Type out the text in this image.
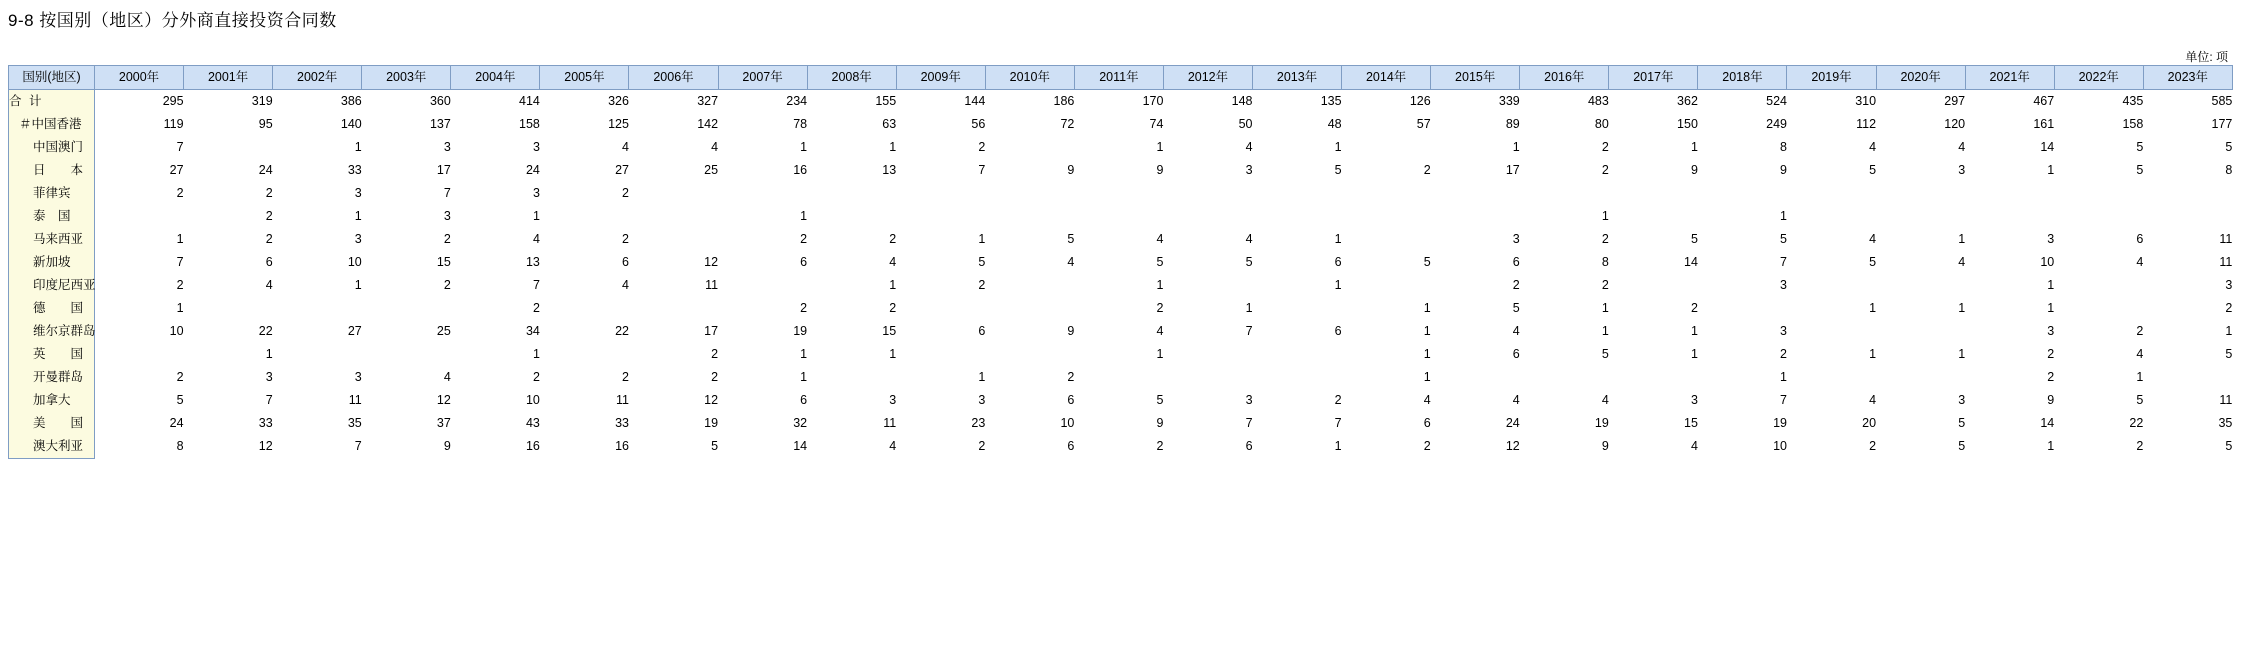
9-8 按国别（地区）分外商直接投资合同数
单位: 项
国别(地区)	2000年	2001年	2002年	2003年	2004年	2005年	2006年	2007年	2008年	2009年	2010年	2011年	2012年	2013年	2014年	2015年	2016年	2017年	2018年	2019年	2020年	2021年	2022年	2023年
合 计	295	319	386	360	414	326	327	234	155	144	186	170	148	135	126	339	483	362	524	310	297	467	435	585
＃中国香港	119	95	140	137	158	125	142	78	63	56	72	74	50	48	57	89	80	150	249	112	120	161	158	177
中国澳门	7		1	3	3	4	4	1	1	2		1	4	1		1	2	1	8	4	4	14	5	5
日　　本	27	24	33	17	24	27	25	16	13	7	9	9	3	5	2	17	2	9	9	5	3	1	5	8
菲律宾	2	2	3	7	3	2																		
泰　国		2	1	3	1			1									1		1					
马来西亚	1	2	3	2	4	2		2	2	1	5	4	4	1		3	2	5	5	4	1	3	6	11
新加坡	7	6	10	15	13	6	12	6	4	5	4	5	5	6	5	6	8	14	7	5	4	10	4	11
印度尼西亚	2	4	1	2	7	4	11		1	2		1		1		2	2		3			1		3
德　　国	1				2			2	2			2	1		1	5	1	2		1	1	1		2
维尔京群岛	10	22	27	25	34	22	17	19	15	6	9	4	7	6	1	4	1	1	3			3	2	1
英　　国		1			1		2	1	1			1			1	6	5	1	2	1	1	2	4	5
开曼群岛	2	3	3	4	2	2	2	1		1	2				1				1			2	1	
加拿大	5	7	11	12	10	11	12	6	3	3	6	5	3	2	4	4	4	3	7	4	3	9	5	11
美　　国	24	33	35	37	43	33	19	32	11	23	10	9	7	7	6	24	19	15	19	20	5	14	22	35
澳大利亚	8	12	7	9	16	16	5	14	4	2	6	2	6	1	2	12	9	4	10	2	5	1	2	5
